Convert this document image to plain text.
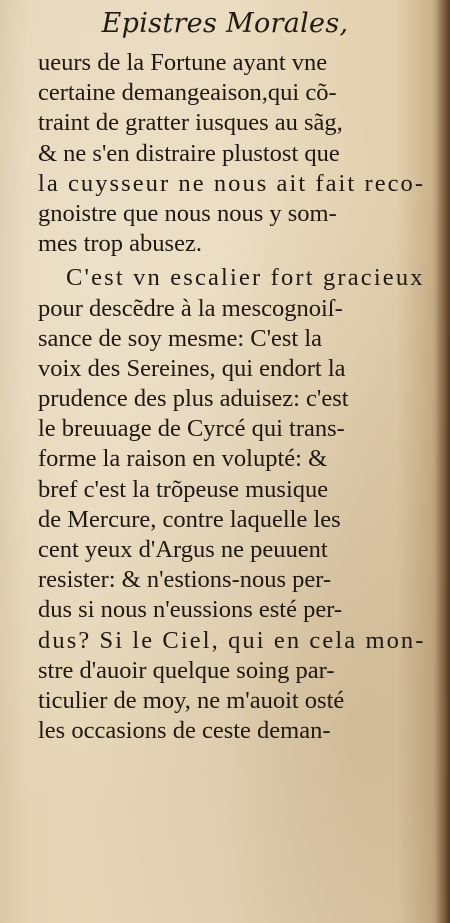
Epistres Morales,
ueurs de la Fortune ayant vne
certaine demangeaison,qui cõ-
traint de gratter iusques au sãg,
& ne s'en distraire plustost que
la cuysseur ne nous ait fait reco-
gnoistre que nous nous y som-
mes trop abusez.
C'est vn escalier fort gracieux
pour descẽdre à la mescognoiſ-
sance de soy mesme: C'est la
voix des Sereines, qui endort la
prudence des plus aduisez: c'est
le breuuage de Cyrcé qui trans-
forme la raison en volupté: &
bref c'est la trõpeuse musique
de Mercure, contre laquelle les
cent yeux d'Argus ne peuuent
resister: & n'estions-nous per-
dus si nous n'eussions esté per-
dus? Si le Ciel, qui en cela mon-
stre d'auoir quelque soing par-
ticulier de moy, ne m'auoit osté
les occasions de ceste deman-
